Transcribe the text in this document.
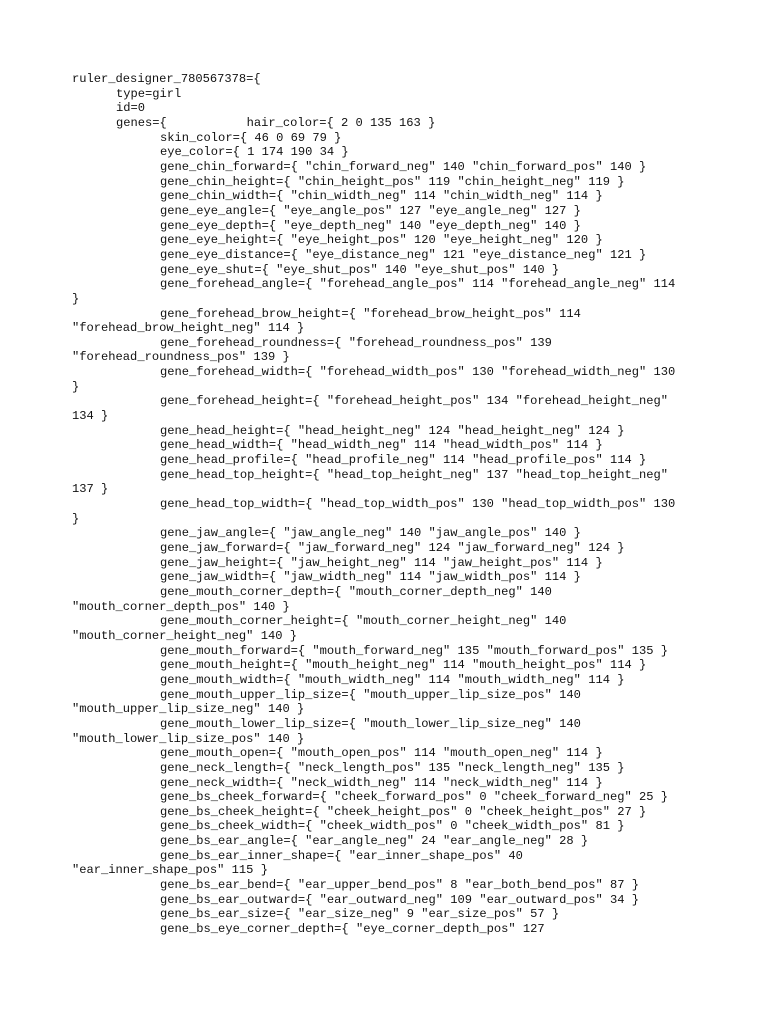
ruler_designer_780567378={
type=girl
id=0
genes={           hair_color={ 2 0 135 163 }
skin_color={ 46 0 69 79 }
eye_color={ 1 174 190 34 }
gene_chin_forward={ "chin_forward_neg" 140 "chin_forward_pos" 140 }
gene_chin_height={ "chin_height_pos" 119 "chin_height_neg" 119 }
gene_chin_width={ "chin_width_neg" 114 "chin_width_neg" 114 }
gene_eye_angle={ "eye_angle_pos" 127 "eye_angle_neg" 127 }
gene_eye_depth={ "eye_depth_neg" 140 "eye_depth_neg" 140 }
gene_eye_height={ "eye_height_pos" 120 "eye_height_neg" 120 }
gene_eye_distance={ "eye_distance_neg" 121 "eye_distance_neg" 121 }
gene_eye_shut={ "eye_shut_pos" 140 "eye_shut_pos" 140 }
gene_forehead_angle={ "forehead_angle_pos" 114 "forehead_angle_neg" 114
}
gene_forehead_brow_height={ "forehead_brow_height_pos" 114
"forehead_brow_height_neg" 114 }
gene_forehead_roundness={ "forehead_roundness_pos" 139
"forehead_roundness_pos" 139 }
gene_forehead_width={ "forehead_width_pos" 130 "forehead_width_neg" 130
}
gene_forehead_height={ "forehead_height_pos" 134 "forehead_height_neg"
134 }
gene_head_height={ "head_height_neg" 124 "head_height_neg" 124 }
gene_head_width={ "head_width_neg" 114 "head_width_pos" 114 }
gene_head_profile={ "head_profile_neg" 114 "head_profile_pos" 114 }
gene_head_top_height={ "head_top_height_neg" 137 "head_top_height_neg"
137 }
gene_head_top_width={ "head_top_width_pos" 130 "head_top_width_pos" 130
}
gene_jaw_angle={ "jaw_angle_neg" 140 "jaw_angle_pos" 140 }
gene_jaw_forward={ "jaw_forward_neg" 124 "jaw_forward_neg" 124 }
gene_jaw_height={ "jaw_height_neg" 114 "jaw_height_pos" 114 }
gene_jaw_width={ "jaw_width_neg" 114 "jaw_width_pos" 114 }
gene_mouth_corner_depth={ "mouth_corner_depth_neg" 140
"mouth_corner_depth_pos" 140 }
gene_mouth_corner_height={ "mouth_corner_height_neg" 140
"mouth_corner_height_neg" 140 }
gene_mouth_forward={ "mouth_forward_neg" 135 "mouth_forward_pos" 135 }
gene_mouth_height={ "mouth_height_neg" 114 "mouth_height_pos" 114 }
gene_mouth_width={ "mouth_width_neg" 114 "mouth_width_neg" 114 }
gene_mouth_upper_lip_size={ "mouth_upper_lip_size_pos" 140
"mouth_upper_lip_size_neg" 140 }
gene_mouth_lower_lip_size={ "mouth_lower_lip_size_neg" 140
"mouth_lower_lip_size_pos" 140 }
gene_mouth_open={ "mouth_open_pos" 114 "mouth_open_neg" 114 }
gene_neck_length={ "neck_length_pos" 135 "neck_length_neg" 135 }
gene_neck_width={ "neck_width_neg" 114 "neck_width_neg" 114 }
gene_bs_cheek_forward={ "cheek_forward_pos" 0 "cheek_forward_neg" 25 }
gene_bs_cheek_height={ "cheek_height_pos" 0 "cheek_height_pos" 27 }
gene_bs_cheek_width={ "cheek_width_pos" 0 "cheek_width_pos" 81 }
gene_bs_ear_angle={ "ear_angle_neg" 24 "ear_angle_neg" 28 }
gene_bs_ear_inner_shape={ "ear_inner_shape_pos" 40
"ear_inner_shape_pos" 115 }
gene_bs_ear_bend={ "ear_upper_bend_pos" 8 "ear_both_bend_pos" 87 }
gene_bs_ear_outward={ "ear_outward_neg" 109 "ear_outward_pos" 34 }
gene_bs_ear_size={ "ear_size_neg" 9 "ear_size_pos" 57 }
gene_bs_eye_corner_depth={ "eye_corner_depth_pos" 127
